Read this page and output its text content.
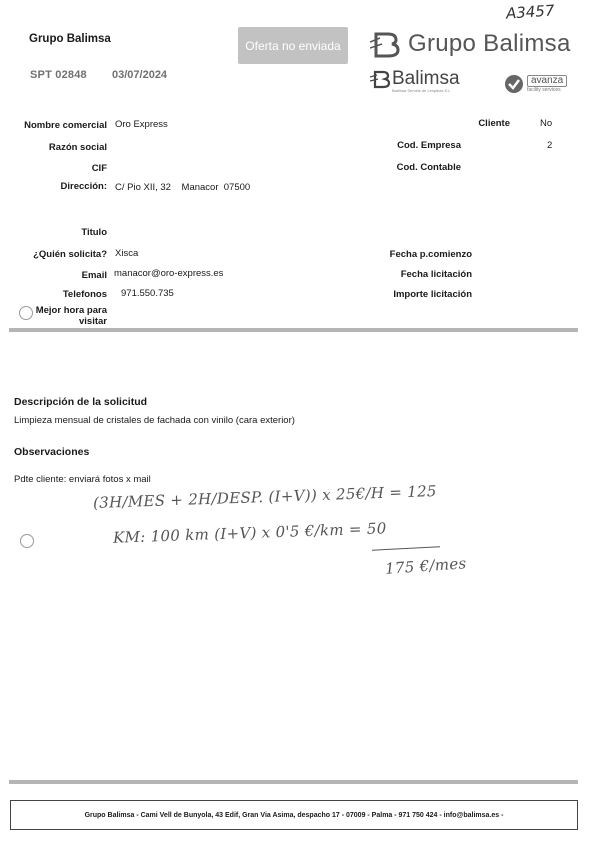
Grupo Balimsa
SPT 02848 03/07/2024
Oferta no enviada
A3457
Grupo Balimsa
Balimsa
Balimsa Serveis de Limpieza S.L.
avanza
facility services
Nombre comercial Oro Express
Razón social
CIF
Dirección: C/ Pio XII, 32    Manacor  07500
Titulo
¿Quién solicita? Xisca
Email manacor@oro-express.es
Telefonos 971.550.735
Mejor hora para
visitar
Cliente	No
Cod. Empresa	2
Cod. Contable
Fecha p.comienzo
Fecha licitación
Importe licitación
Descripción de la solicitud
Limpieza mensual de cristales de fachada con vinilo (cara exterior)
Observaciones
Pdte cliente: enviará fotos x mail
(3H/MES + 2H/DESP. (I+V)) x 25€/H = 125
KM: 100 km (I+V) x 0'5 €/km = 50
175 €/mes
Grupo Balimsa - Cami Vell de Bunyola, 43 Edif, Gran Via Asima, despacho 17 - 07009 - Palma - 971 750 424 - info@balimsa.es -
